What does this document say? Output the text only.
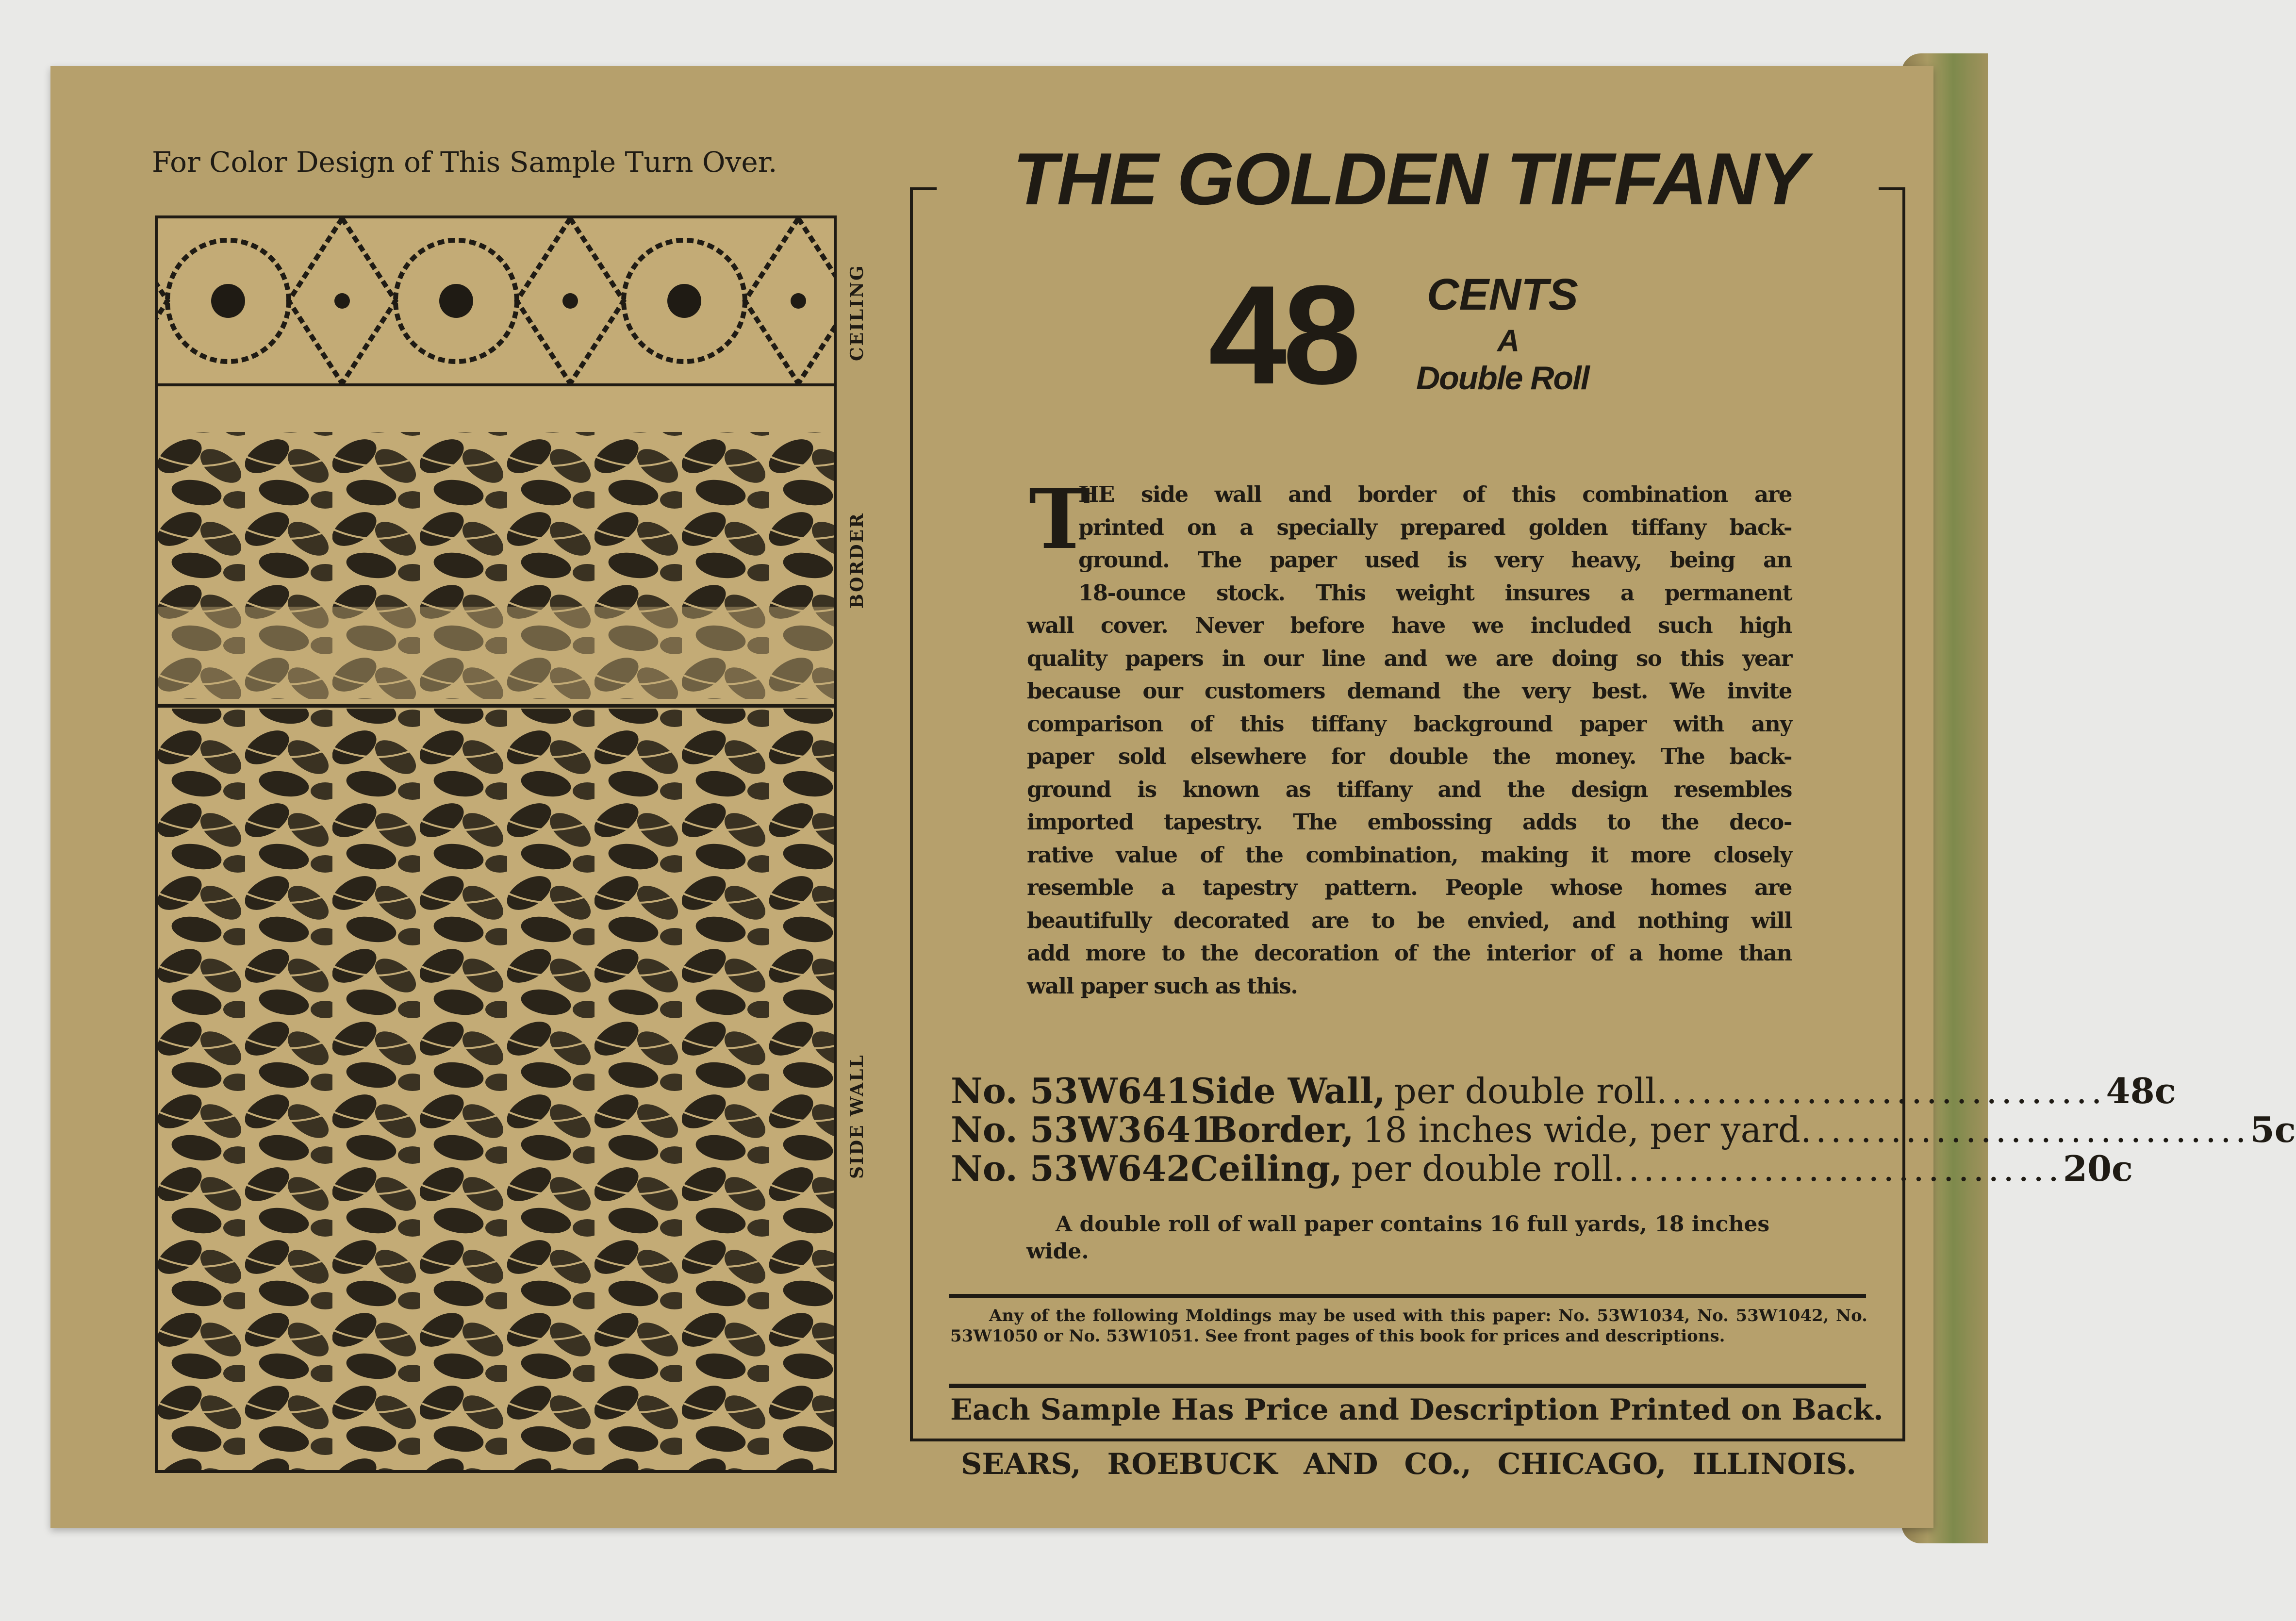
For Color Design of This Sample Turn Over.
CEILING
BORDER
SIDE WALL
THE GOLDEN TIFFANY
48 CENTS
A
Double Roll
T
HE side wall and border of this combination are
printed on a specially prepared golden tiffany back-
ground. The paper used is very heavy, being an
18-ounce stock. This weight insures a permanent
wall cover. Never before have we included such high
quality papers in our line and we are doing so this year
because our customers demand the very best. We invite
comparison of this tiffany background paper with any
paper sold elsewhere for double the money. The back-
ground is known as tiffany and the design resembles
imported tapestry. The embossing adds to the deco-
rative value of the combination, making it more closely
resemble a tapestry pattern. People whose homes are
beautifully decorated are to be envied, and nothing will
add more to the decoration of the interior of a home than
wall paper such as this.
No. 53W641 Side Wall, per double roll .............................. 48c
No. 53W3641
Border, 18 inches wide, per yard .............................. 5c
No. 53W642 Ceiling, per double roll .............................. 20c
A double roll of wall paper contains 16 full yards, 18 inches wide.
Any of the following Moldings may be used with this paper: No. 53W1034, No. 53W1042, No. 53W1050 or No. 53W1051. See front pages of this book for prices and descriptions.
Each Sample Has Price and Description Printed on Back.
SEARS, ROEBUCK AND CO., CHICAGO, ILLINOIS.
